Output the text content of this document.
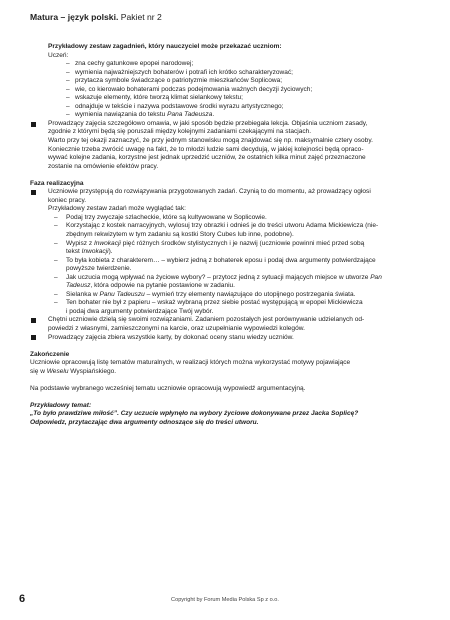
Matura – język polski. Pakiet nr 2
Przykładowy zestaw zagadnień, który nauczyciel może przekazać uczniom:
Uczeń:
– zna cechy gatunkowe epopei narodowej;
– wymienia najważniejszych bohaterów i potrafi ich krótko scharakteryzować;
– przytacza symbole świadczące o patriotyzmie mieszkańców Soplicowa;
– wie, co kierowało bohaterami podczas podejmowania ważnych decyzji życiowych;
– wskazuje elementy, które tworzą klimat sielankowy tekstu;
– odnajduje w tekście i nazywa podstawowe środki wyrazu artystycznego;
– wymienia nawiązania do tekstu Pana Tadeusza.
Prowadzący zajęcia szczegółowo omawia, w jaki sposób będzie przebiegała lekcja. Objaśnia uczniom zasady,
zgodnie z którymi będą się poruszali między kolejnymi zadaniami czekającymi na stacjach.
Warto przy tej okazji zaznaczyć, że przy jednym stanowisku mogą znajdować się np. maksymalnie cztery osoby.
Koniecznie trzeba zwrócić uwagę na fakt, że to młodzi ludzie sami decydują, w jakiej kolejności będą opraco-
wywać kolejne zadania, korzystne jest jednak uprzedzić uczniów, że ostatnich kilka minut zajęć przeznaczone
zostanie na omówienie efektów pracy.
Faza realizacyjna
Uczniowie przystępują do rozwiązywania przygotowanych zadań. Czynią to do momentu, aż prowadzący ogłosi
koniec pracy.
Przykładowy zestaw zadań może wyglądać tak:
– Podaj trzy zwyczaje szlacheckie, które są kultywowane w Soplicowie.
– Korzystając z kostek narracyjnych, wylosuj trzy obrazki i odnieś je do treści utworu Adama Mickiewicza (nie-
zbędnym rekwizytem w tym zadaniu są kostki Story Cubes lub inne, podobne).
– Wypisz z Inwokacji pięć różnych środków stylistycznych i je nazwij (uczniowie powinni mieć przed sobą
tekst Inwokacji).
– To była kobieta z charakterem… – wybierz jedną z bohaterek eposu i podaj dwa argumenty potwierdzające
powyższe twierdzenie.
– Jak uczucia mogą wpływać na życiowe wybory? – przytocz jedną z sytuacji mających miejsce w utworze Pan
Tadeusz, która odpowie na pytanie postawione w zadaniu.
– Sielanka w Panu Tadeuszu – wymień trzy elementy nawiązujące do utopijnego postrzegania świata.
– Ten bohater nie był z papieru – wskaż wybraną przez siebie postać występującą w epopei Mickiewicza
i podaj dwa argumenty potwierdzające Twój wybór.
Chętni uczniowie dzielą się swoimi rozwiązaniami. Zadaniem pozostałych jest porównywanie udzielanych od-
powiedzi z własnymi, zamieszczonymi na karcie, oraz uzupełnianie wypowiedzi kolegów.
Prowadzący zajęcia zbiera wszystkie karty, by dokonać oceny stanu wiedzy uczniów.
Zakończenie
Uczniowie opracowują listę tematów maturalnych, w realizacji których można wykorzystać motywy pojawiające
się w Weselu Wyspiańskiego.
Na podstawie wybranego wcześniej tematu uczniowie opracowują wypowiedź argumentacyjną.
Przykładowy temat:
„To było prawdziwe miłość”. Czy uczucie wpłynęło na wybory życiowe dokonywane przez Jacka Soplicę?
Odpowiedz, przytaczając dwa argumenty odnoszące się do treści utworu.
6	Copyright by Forum Media Polska Sp z o.o.
